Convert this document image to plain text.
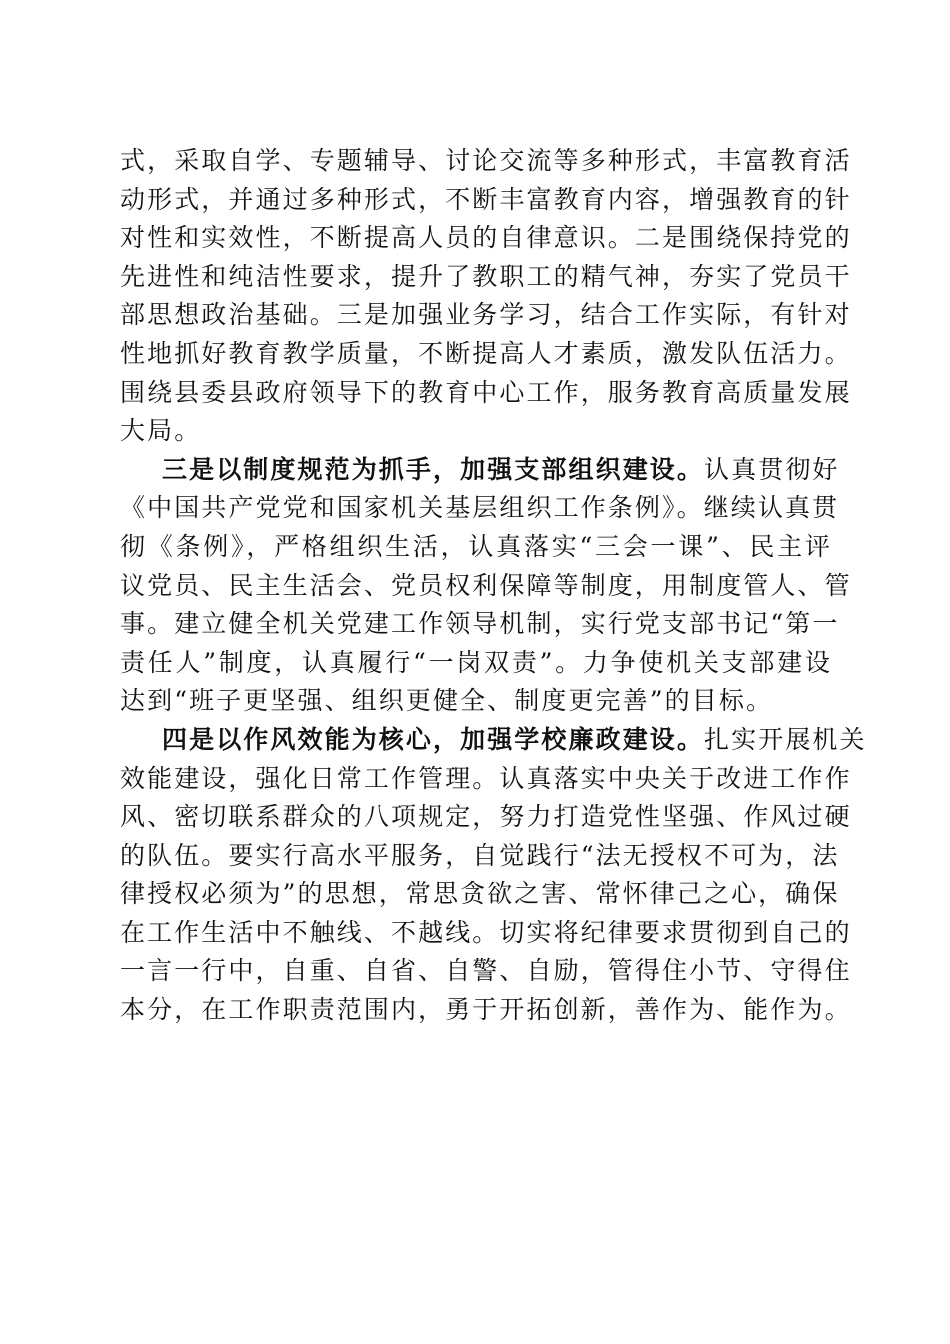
式，采取自学、专题辅导、讨论交流等多种形式，丰富教育活
动形式，并通过多种形式，不断丰富教育内容，增强教育的针
对性和实效性，不断提高人员的自律意识。二是围绕保持党的
先进性和纯洁性要求，提升了教职工的精气神，夯实了党员干
部思想政治基础。三是加强业务学习，结合工作实际，有针对
性地抓好教育教学质量，不断提高人才素质，激发队伍活力。
围绕县委县政府领导下的教育中心工作，服务教育高质量发展
大局。
三是以制度规范为抓手，加强支部组织建设。认真贯彻好
《中国共产党党和国家机关基层组织工作条例》。继续认真贯
彻《条例》，严格组织生活，认真落实“三会一课”、民主评
议党员、民主生活会、党员权利保障等制度，用制度管人、管
事。建立健全机关党建工作领导机制，实行党支部书记“第一
责任人”制度，认真履行“一岗双责”。力争使机关支部建设
达到“班子更坚强、组织更健全、制度更完善”的目标。
四是以作风效能为核心，加强学校廉政建设。扎实开展机关
效能建设，强化日常工作管理。认真落实中央关于改进工作作
风、密切联系群众的八项规定，努力打造党性坚强、作风过硬
的队伍。要实行高水平服务，自觉践行“法无授权不可为，法
律授权必须为”的思想，常思贪欲之害、常怀律己之心，确保
在工作生活中不触线、不越线。切实将纪律要求贯彻到自己的
一言一行中，自重、自省、自警、自励，管得住小节、守得住
本分，在工作职责范围内，勇于开拓创新，善作为、能作为。
